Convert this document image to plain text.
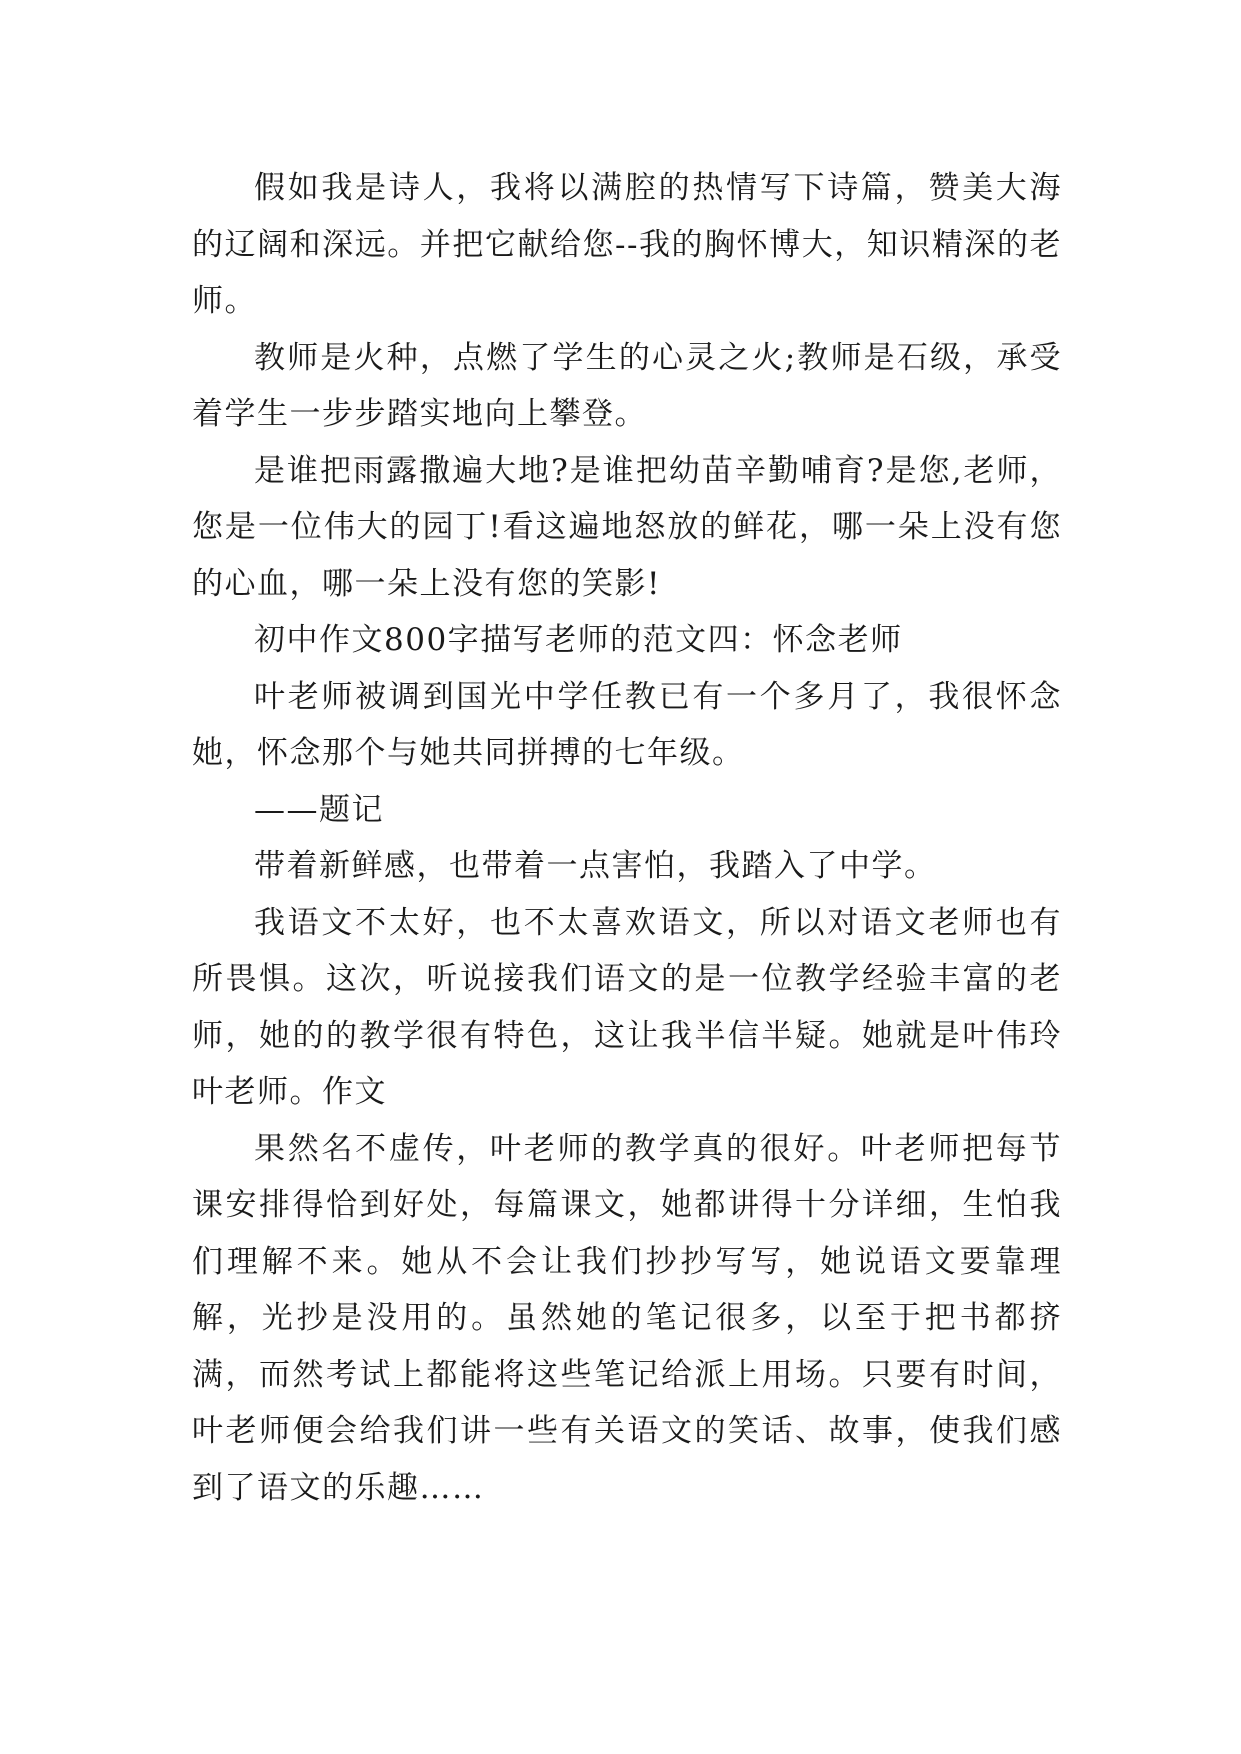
假如我是诗人，我将以满腔的热情写下诗篇，赞美大海的辽阔和深远。并把它献给您--我的胸怀博大，知识精深的老师。

教师是火种，点燃了学生的心灵之火;教师是石级，承受着学生一步步踏实地向上攀登。

是谁把雨露撒遍大地?是谁把幼苗辛勤哺育?是您,老师，您是一位伟大的园丁!看这遍地怒放的鲜花，哪一朵上没有您的心血，哪一朵上没有您的笑影!

初中作文800字描写老师的范文四：怀念老师

叶老师被调到国光中学任教已有一个多月了，我很怀念她，怀念那个与她共同拼搏的七年级。

——题记

带着新鲜感，也带着一点害怕，我踏入了中学。

我语文不太好，也不太喜欢语文，所以对语文老师也有所畏惧。这次，听说接我们语文的是一位教学经验丰富的老师，她的的教学很有特色，这让我半信半疑。她就是叶伟玲叶老师。作文

果然名不虚传，叶老师的教学真的很好。叶老师把每节课安排得恰到好处，每篇课文，她都讲得十分详细，生怕我们理解不来。她从不会让我们抄抄写写，她说语文要靠理解，光抄是没用的。虽然她的笔记很多，以至于把书都挤满，而然考试上都能将这些笔记给派上用场。只要有时间，叶老师便会给我们讲一些有关语文的笑话、故事，使我们感到了语文的乐趣……
